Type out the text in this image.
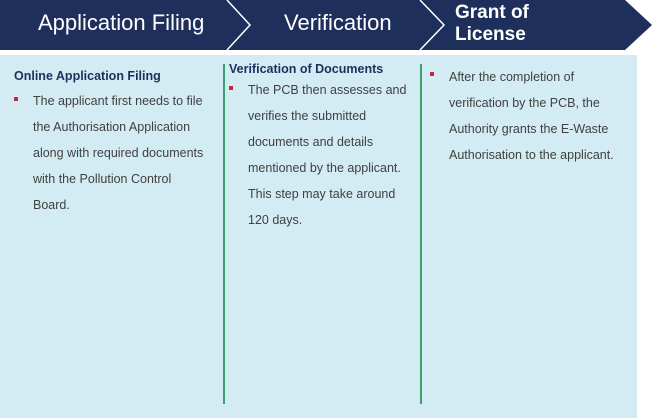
Application Filing	Verification	Grant of License
Online Application Filing
The applicant first needs to file the Authorisation Application along with required documents with the Pollution Control Board.
Verification of Documents
The PCB then assesses and verifies the submitted documents and details mentioned by the applicant. This step may take around 120 days.
After the completion of verification by the PCB, the Authority grants the E-Waste Authorisation to the applicant.
